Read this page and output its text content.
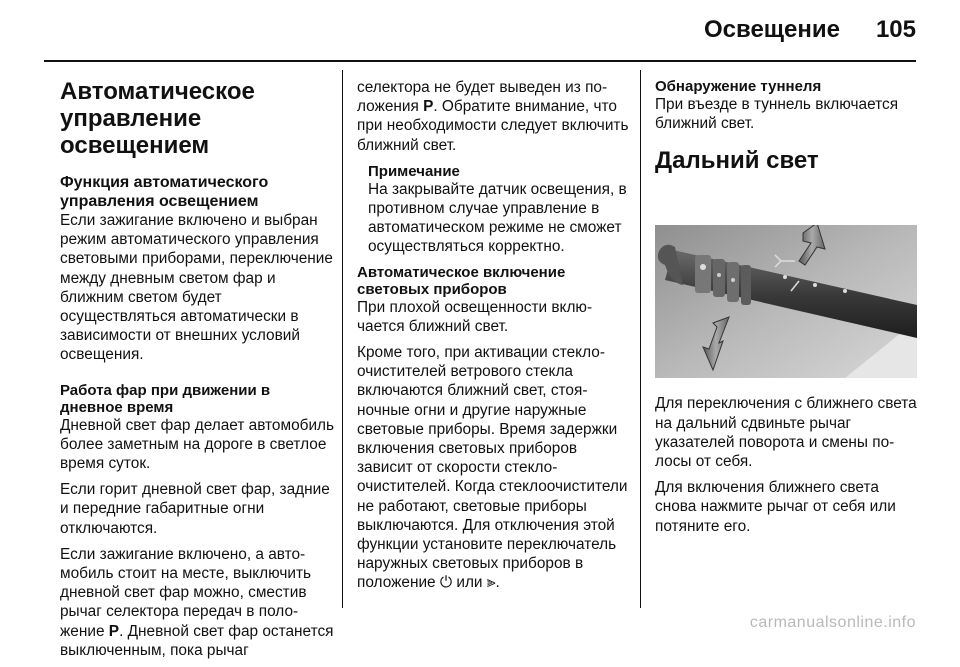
Освещение 105
Автоматическое управление освещением
Функция автоматического управления освещением

Если зажигание включено и выбран режим автоматического управления световыми приборами, переключение между дневным светом фар и ближним светом будет осуществляться автоматически в зависимости от внешних условий освещения.

Работа фар при движении в дневное время

Дневной свет фар делает автомобиль более заметным на дороге в светлое время суток.

Если горит дневной свет фар, задние и передние габаритные огни отключаются.

Если зажигание включено, а автомобиль стоит на месте, выключить дневной свет фар можно, сместив рычаг селектора передач в положение P. Дневной свет фар останется выключенным, пока рычаг

селектора не будет выведен из положения P. Обратите внимание, что при необходимости следует включить ближний свет.

Примечание

На закрывайте датчик освещения, в противном случае управление в автоматическом режиме не сможет осуществляться корректно.

Автоматическое включение световых приборов

При плохой освещенности включается ближний свет.

Кроме того, при активации стеклоочистителей ветрового стекла включаются ближний свет, стояночные огни и другие наружные световые приборы. Время задержки включения световых приборов зависит от скорости стеклоочистителей. Когда стеклоочистители не работают, световые приборы выключаются. Для отключения этой функции установите переключатель наружных световых приборов в положение ⏻ или ⫸.

Обнаружение туннеля

При въезде в туннель включается ближний свет.

Дальний свет

Для переключения с ближнего света на дальний сдвиньте рычаг указателей поворота и смены полосы от себя.

Для включения ближнего света снова нажмите рычаг от себя или потяните его.

carmanualsonline.info
